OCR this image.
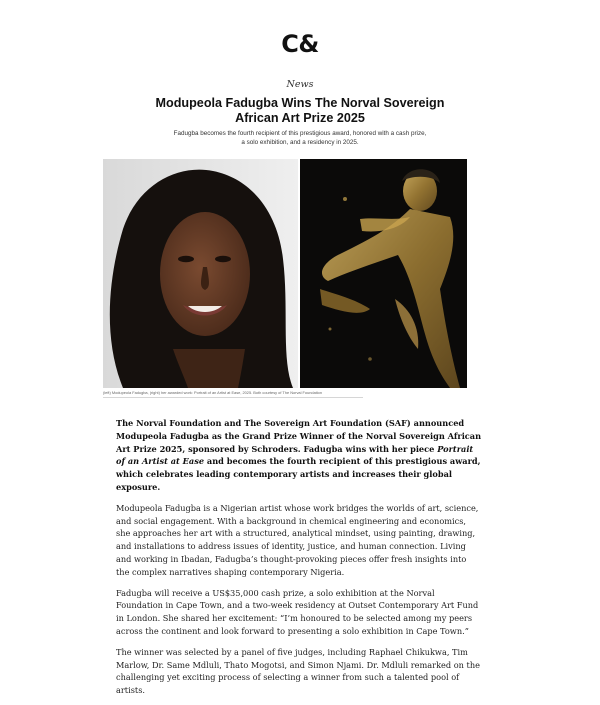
C&
News
Modupeola Fadugba Wins The Norval Sovereign African Art Prize 2025
Fadugba becomes the fourth recipient of this prestigious award, honored with a cash prize,
a solo exhibition, and a residency in 2025.
(left) Modupeola Fadugba, (right) her awarded work: Portrait of an Artist at Ease, 2025. Both courtesy of The Norval Foundation

The Norval Foundation and The Sovereign Art Foundation (SAF) announced Modupeola Fadugba as the Grand Prize Winner of the Norval Sovereign African Art Prize 2025, sponsored by Schroders. Fadugba wins with her piece Portrait of an Artist at Ease and becomes the fourth recipient of this prestigious award, which celebrates leading contemporary artists and increases their global exposure.

Modupeola Fadugba is a Nigerian artist whose work bridges the worlds of art, science, and social engagement. With a background in chemical engineering and economics, she approaches her art with a structured, analytical mindset, using painting, drawing, and installations to address issues of identity, justice, and human connection. Living and working in Ibadan, Fadugba’s thought-provoking pieces offer fresh insights into the complex narratives shaping contemporary Nigeria.

Fadugba will receive a US$35,000 cash prize, a solo exhibition at the Norval Foundation in Cape Town, and a two-week residency at Outset Contemporary Art Fund in London. She shared her excitement: “I’m honoured to be selected among my peers across the continent and look forward to presenting a solo exhibition in Cape Town.”

The winner was selected by a panel of five judges, including Raphael Chikukwa, Tim Marlow, Dr. Same Mdluli, Thato Mogotsi, and Simon Njami. Dr. Mdluli remarked on the challenging yet exciting process of selecting a winner from such a talented pool of artists.
